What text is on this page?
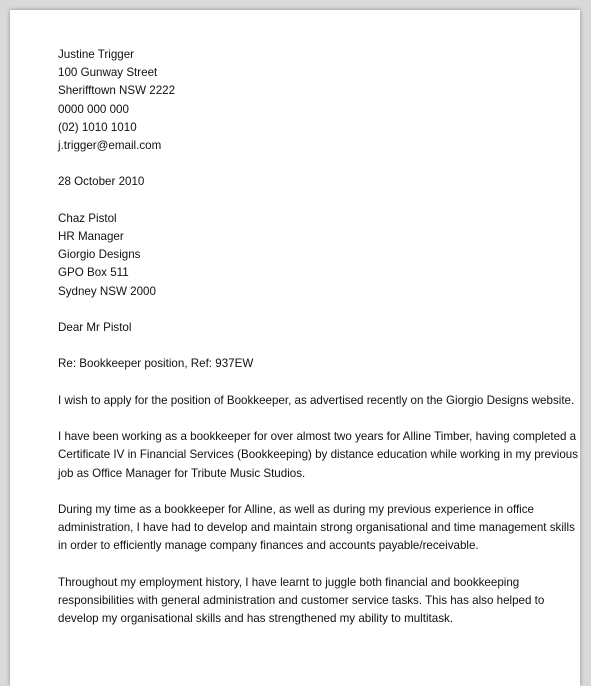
Justine Trigger
100 Gunway Street
Sherifftown NSW 2222
0000 000 000
(02) 1010 1010
j.trigger@email.com
28 October 2010
Chaz Pistol
HR Manager
Giorgio Designs
GPO Box 511
Sydney NSW 2000
Dear Mr Pistol
Re: Bookkeeper position, Ref: 937EW
I wish to apply for the position of Bookkeeper, as advertised recently on the Giorgio Designs website.
I have been working as a bookkeeper for over almost two years for Alline Timber, having completed a
Certificate IV in Financial Services (Bookkeeping) by distance education while working in my previous
job as Office Manager for Tribute Music Studios.
During my time as a bookkeeper for Alline, as well as during my previous experience in office
administration, I have had to develop and maintain strong organisational and time management skills
in order to efficiently manage company finances and accounts payable/receivable.
Throughout my employment history, I have learnt to juggle both financial and bookkeeping
responsibilities with general administration and customer service tasks. This has also helped to
develop my organisational skills and has strengthened my ability to multitask.
